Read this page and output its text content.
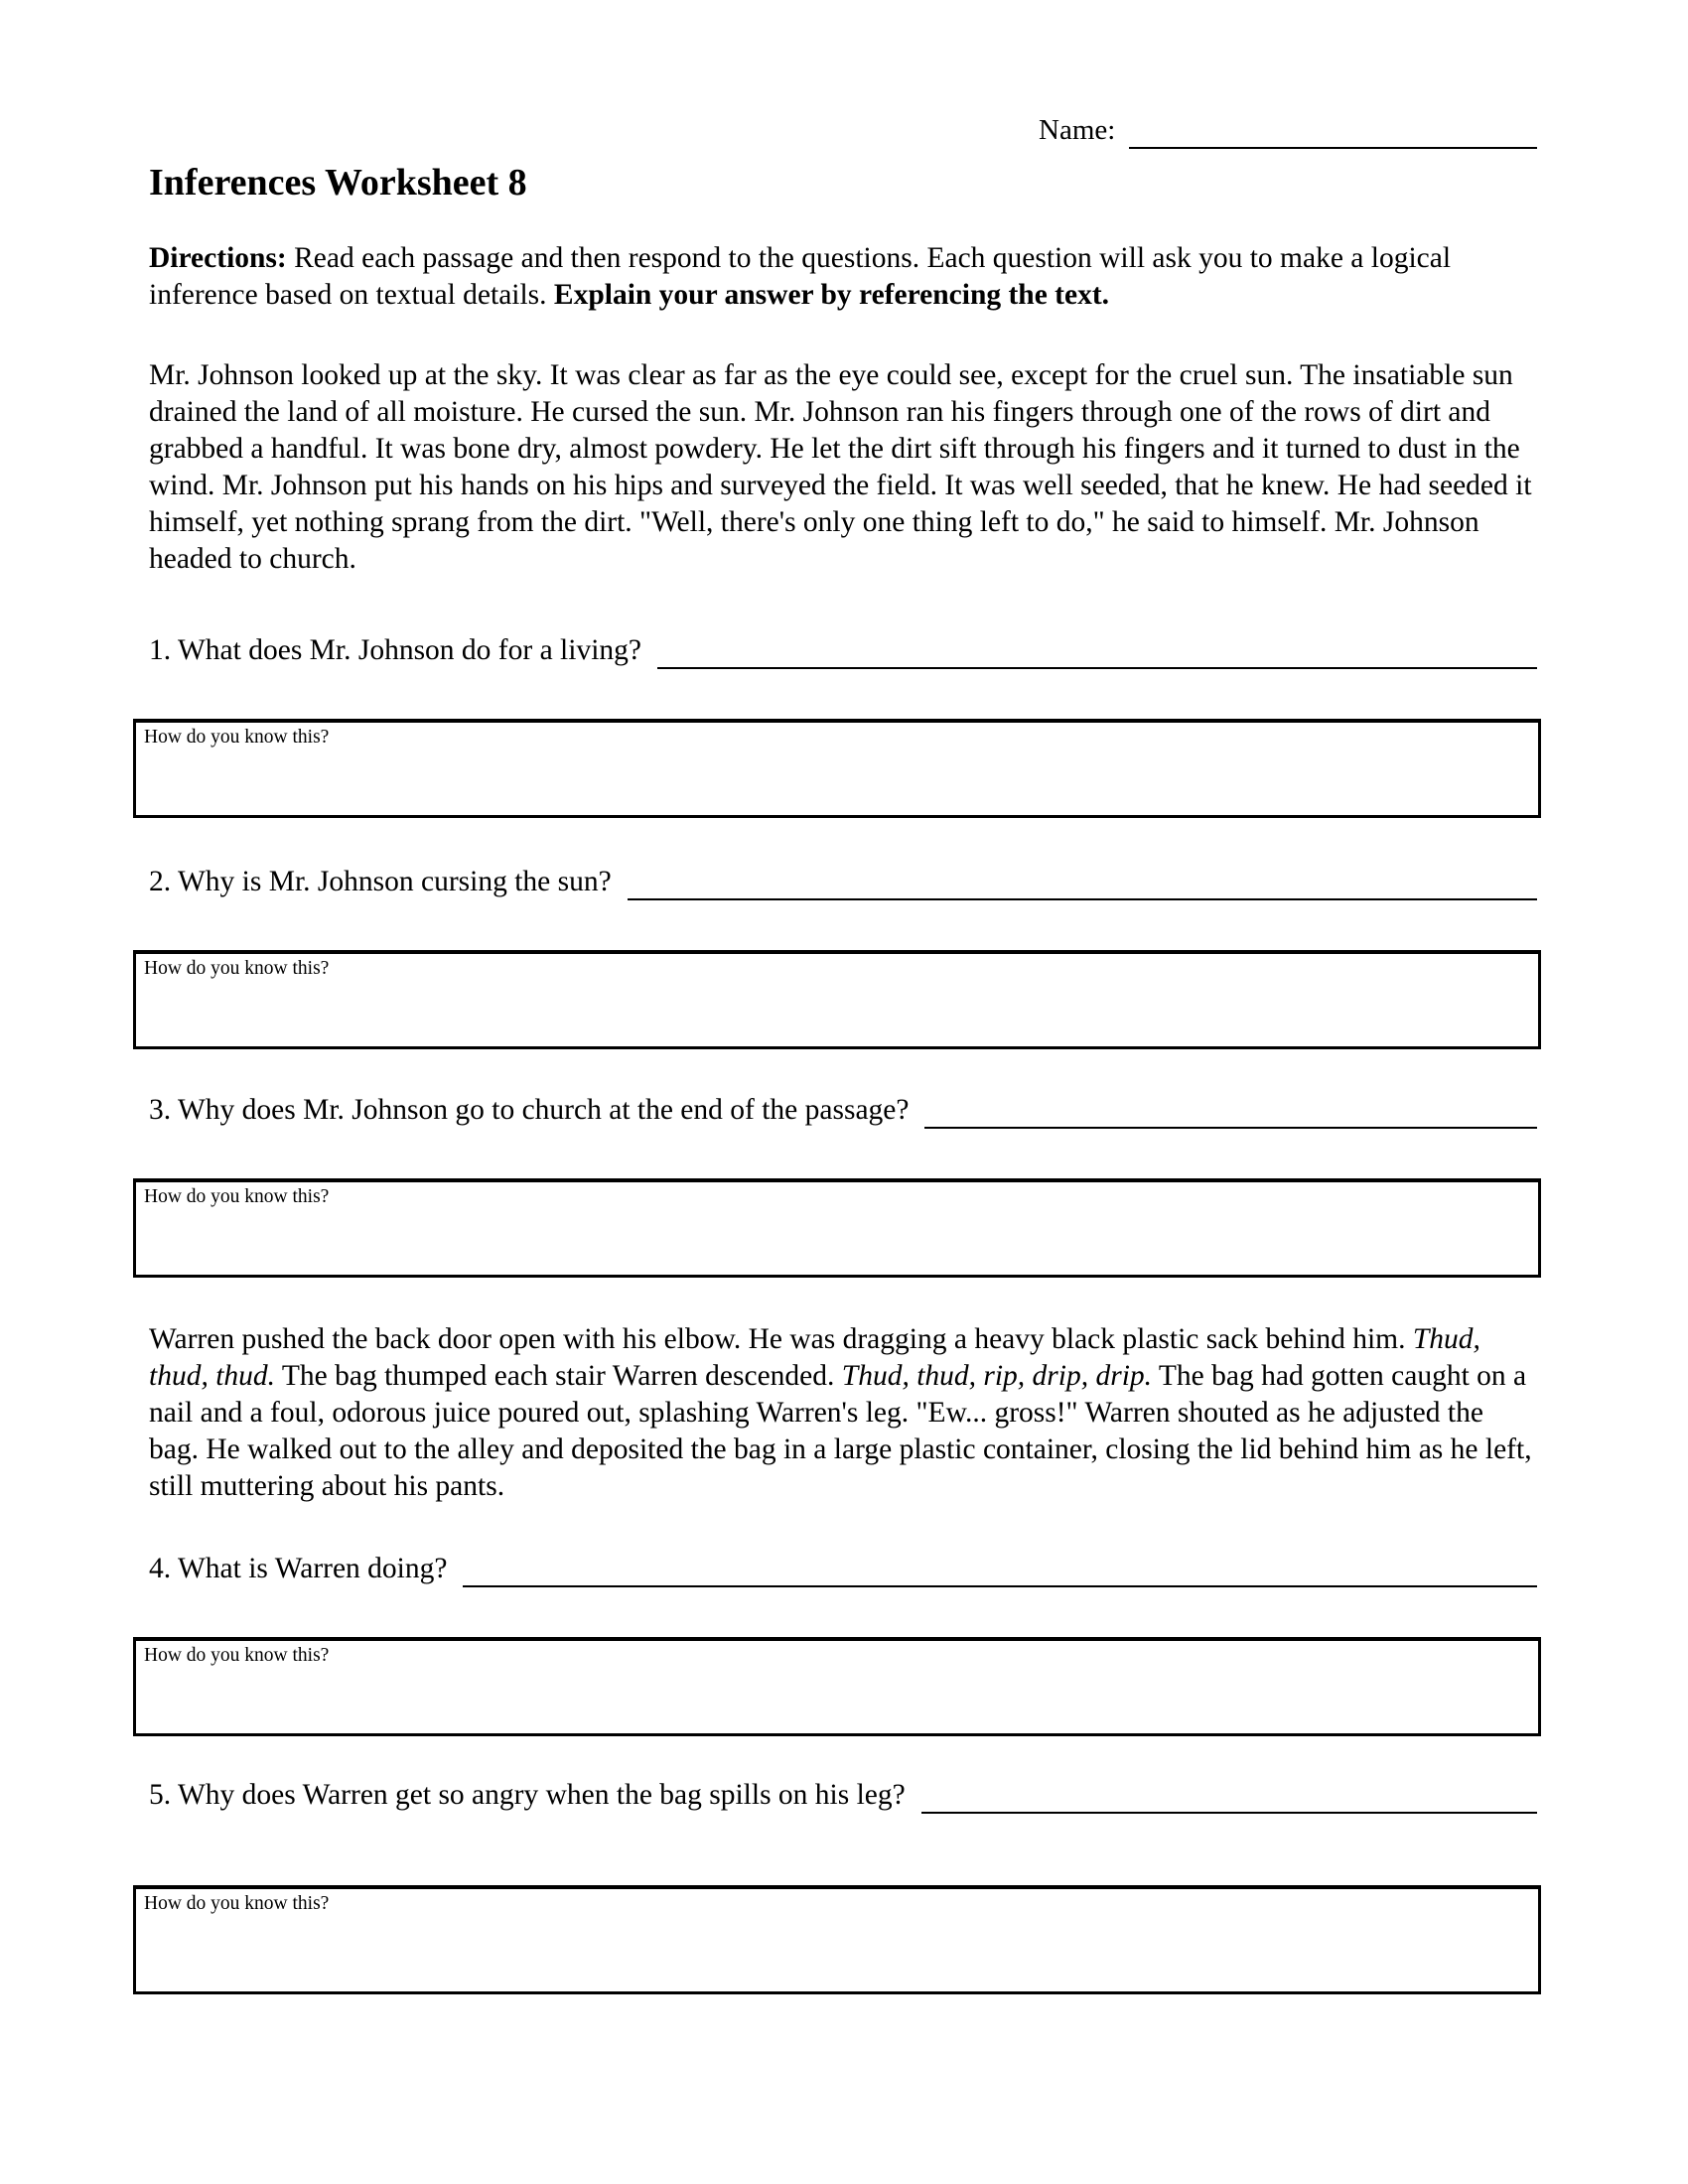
Name:
Inferences Worksheet 8

Directions: Read each passage and then respond to the questions. Each question will ask you to make a logical inference based on textual details. Explain your answer by referencing the text.

Mr. Johnson looked up at the sky. It was clear as far as the eye could see, except for the cruel sun. The insatiable sun drained the land of all moisture. He cursed the sun. Mr. Johnson ran his fingers through one of the rows of dirt and grabbed a handful. It was bone dry, almost powdery. He let the dirt sift through his fingers and it turned to dust in the wind. Mr. Johnson put his hands on his hips and surveyed the field. It was well seeded, that he knew. He had seeded it himself, yet nothing sprang from the dirt. "Well, there's only one thing left to do," he said to himself. Mr. Johnson headed to church.

1. What does Mr. Johnson do for a living?
How do you know this?
2. Why is Mr. Johnson cursing the sun?
How do you know this?
3. Why does Mr. Johnson go to church at the end of the passage?
How do you know this?

Warren pushed the back door open with his elbow. He was dragging a heavy black plastic sack behind him. Thud, thud, thud. The bag thumped each stair Warren descended. Thud, thud, rip, drip, drip. The bag had gotten caught on a nail and a foul, odorous juice poured out, splashing Warren's leg. "Ew... gross!" Warren shouted as he adjusted the bag. He walked out to the alley and deposited the bag in a large plastic container, closing the lid behind him as he left, still muttering about his pants.

4. What is Warren doing?
How do you know this?
5. Why does Warren get so angry when the bag spills on his leg?
How do you know this?
